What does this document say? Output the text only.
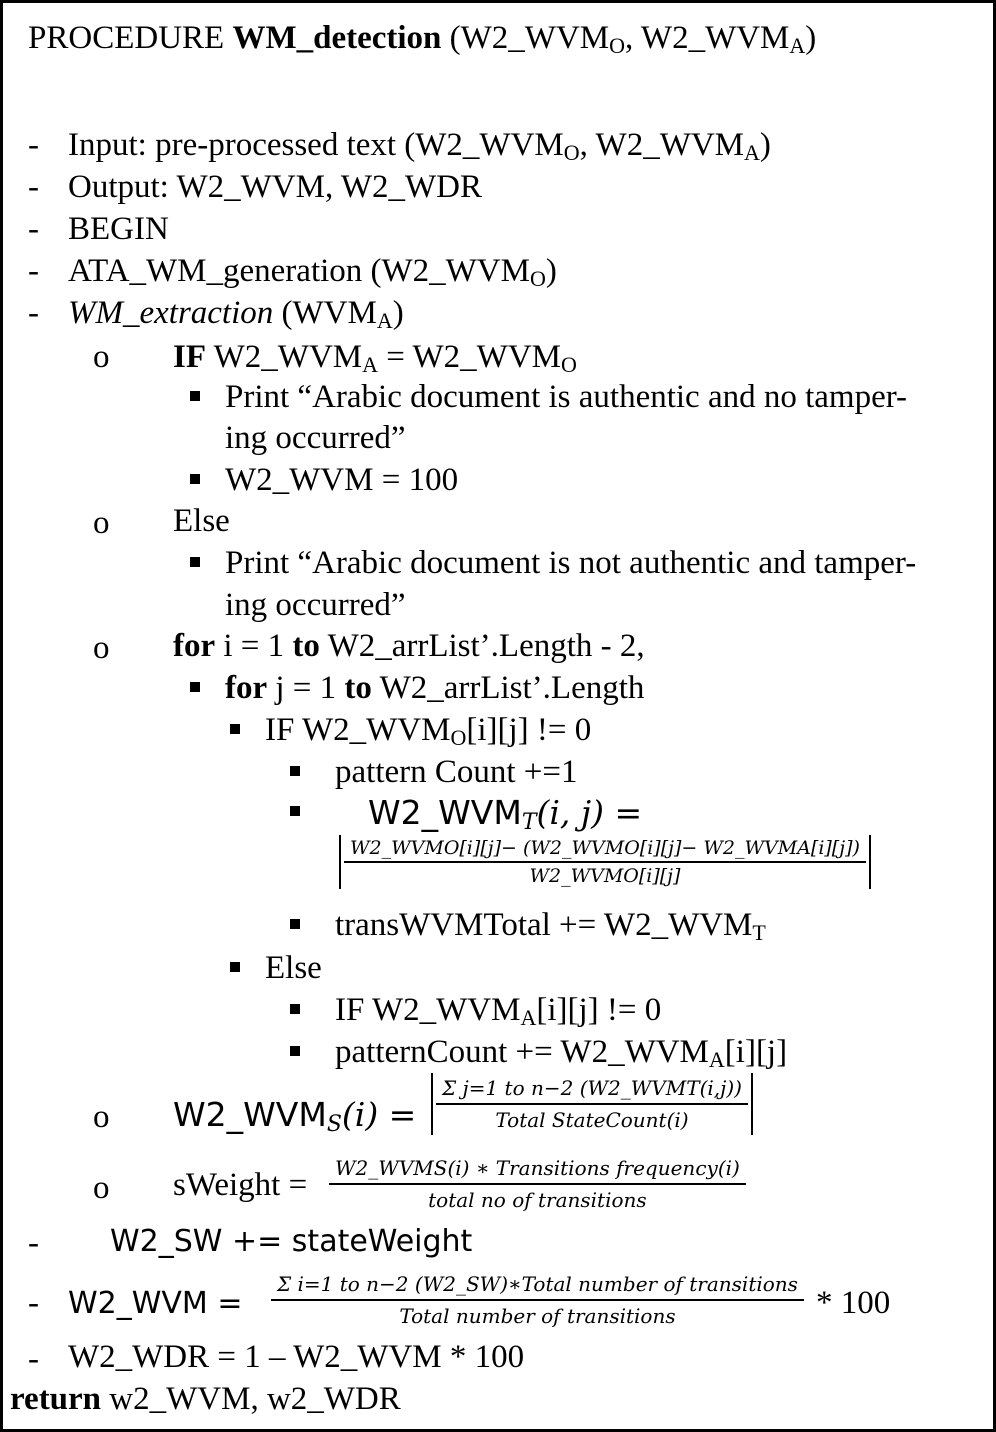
PROCEDURE WM_detection (W2_WVMO, W2_WVMA)
- Input: pre-processed text (W2_WVMO, W2_WVMA)
- Output: W2_WVM, W2_WDR
- BEGIN
- ATA_WM_generation (W2_WVMO)
- WM_extraction (WVMA)
o IF W2_WVMA = W2_WVMO
Print “Arabic document is authentic and no tamper-
ing occurred”
W2_WVM = 100
o Else
Print “Arabic document is not authentic and tamper-
ing occurred”
o for i = 1 to W2_arrList’.Length - 2,
for j = 1 to W2_arrList’.Length
IF W2_WVMO[i][j] != 0
pattern Count +=1
W2_WVMT(i, j) =
$\frac{\text{W2\_WVMO[i][j]− (W2\_WVMO[i][j]− W2\_WVMA[i][j])}}{\text{W2\_WVMO[i][j]}}$
transWVMTotal += W2_WVMT
Else
IF W2_WVMA[i][j] != 0
patternCount += W2_WVMA[i][j]
o W2_WVMS(i) = $\frac{\text{Σ j=1 to n−2 (W2\_WVMT(i,j))}}{\text{Total StateCount(i)}}$
o sWeight = $\frac{\text{W2\_WVMS(i) ∗ Transitions frequency(i)}}{\text{total no of transitions}}$
- W2_SW += stateWeight
- W2_WVM = $\frac{\text{Σ i=1 to n−2 (W2\_SW)∗Total number of transitions}}{\text{Total number of transitions}} * 100$
- W2_WDR = 1 – W2_WVM * 100
return w2_WVM, w2_WDR
